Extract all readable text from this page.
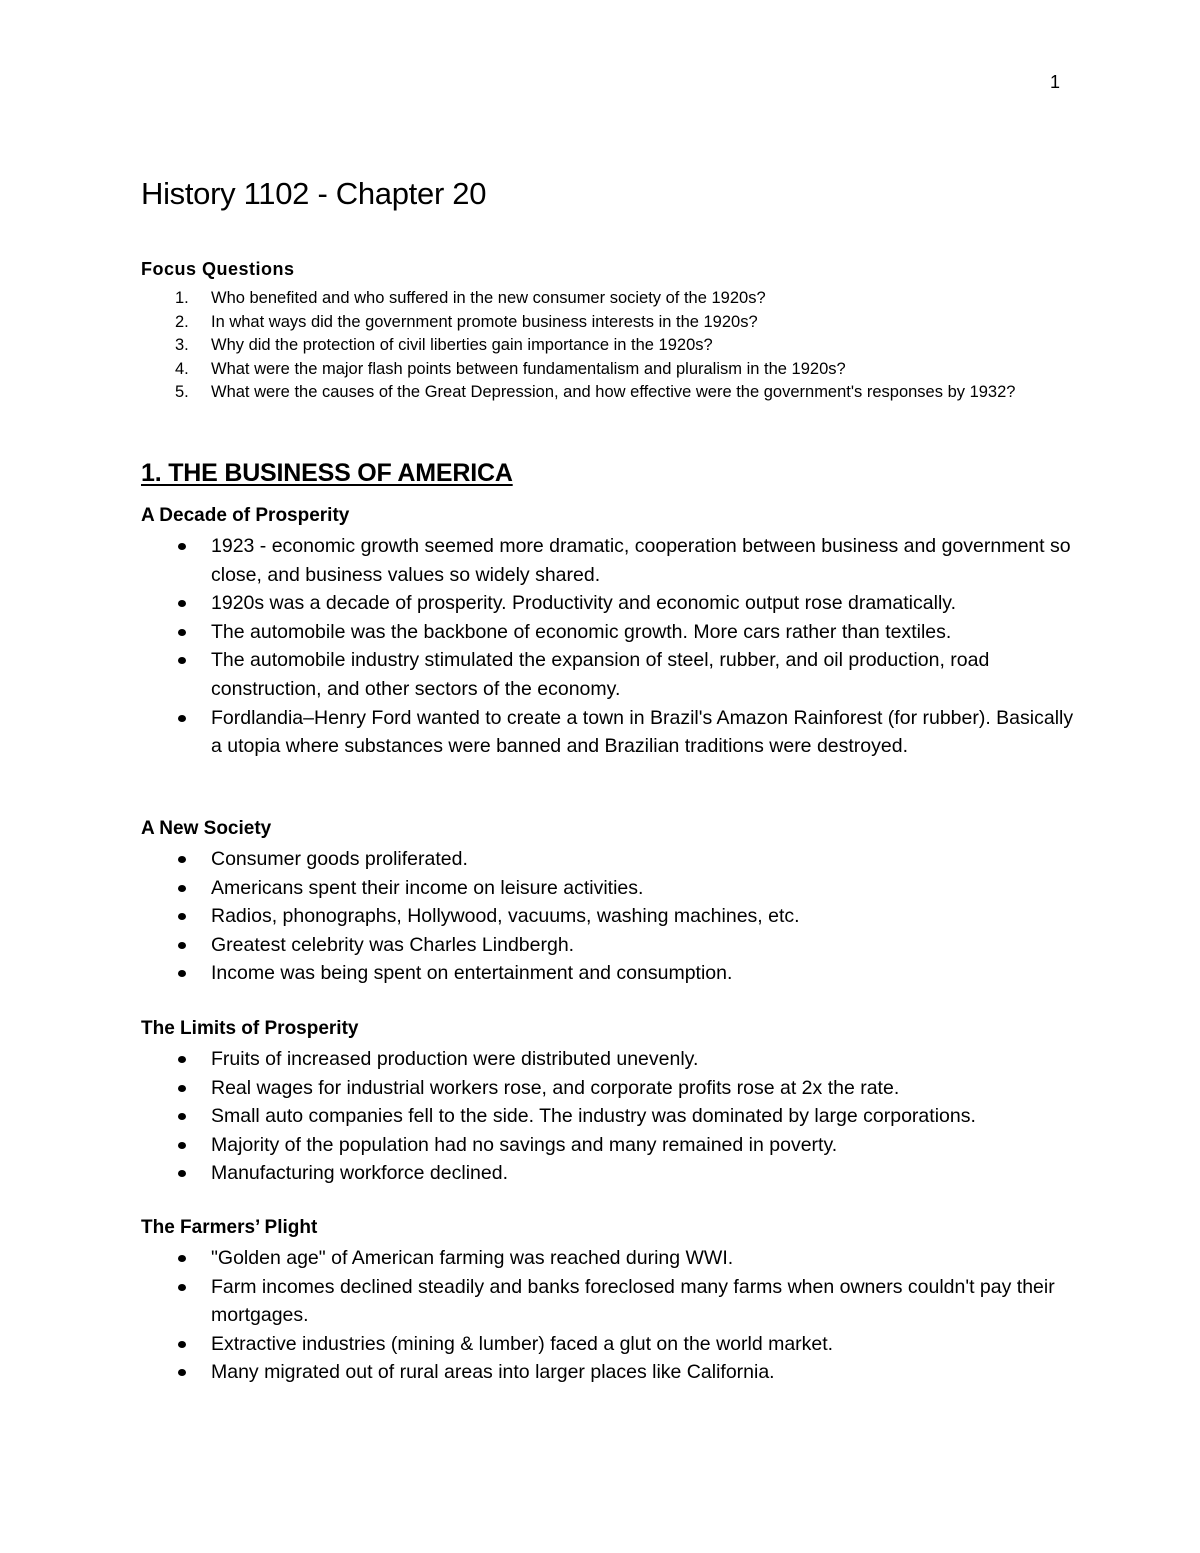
1
History 1102 - Chapter 20
Focus Questions
1. Who benefited and who suffered in the new consumer society of the 1920s?
2. In what ways did the government promote business interests in the 1920s?
3. Why did the protection of civil liberties gain importance in the 1920s?
4. What were the major flash points between fundamentalism and pluralism in the 1920s?
5. What were the causes of the Great Depression, and how effective were the government's responses by 1932?
1. THE BUSINESS OF AMERICA
A Decade of Prosperity
1923 - economic growth seemed more dramatic, cooperation between business and government so close, and business values so widely shared.
1920s was a decade of prosperity. Productivity and economic output rose dramatically.
The automobile was the backbone of economic growth. More cars rather than textiles.
The automobile industry stimulated the expansion of steel, rubber, and oil production, road construction, and other sectors of the economy.
Fordlandia–Henry Ford wanted to create a town in Brazil's Amazon Rainforest (for rubber). Basically a utopia where substances were banned and Brazilian traditions were destroyed.
A New Society
Consumer goods proliferated.
Americans spent their income on leisure activities.
Radios, phonographs, Hollywood, vacuums, washing machines, etc.
Greatest celebrity was Charles Lindbergh.
Income was being spent on entertainment and consumption.
The Limits of Prosperity
Fruits of increased production were distributed unevenly.
Real wages for industrial workers rose, and corporate profits rose at 2x the rate.
Small auto companies fell to the side. The industry was dominated by large corporations.
Majority of the population had no savings and many remained in poverty.
Manufacturing workforce declined.
The Farmers’ Plight
"Golden age" of American farming was reached during WWI.
Farm incomes declined steadily and banks foreclosed many farms when owners couldn't pay their mortgages.
Extractive industries (mining & lumber) faced a glut on the world market.
Many migrated out of rural areas into larger places like California.
